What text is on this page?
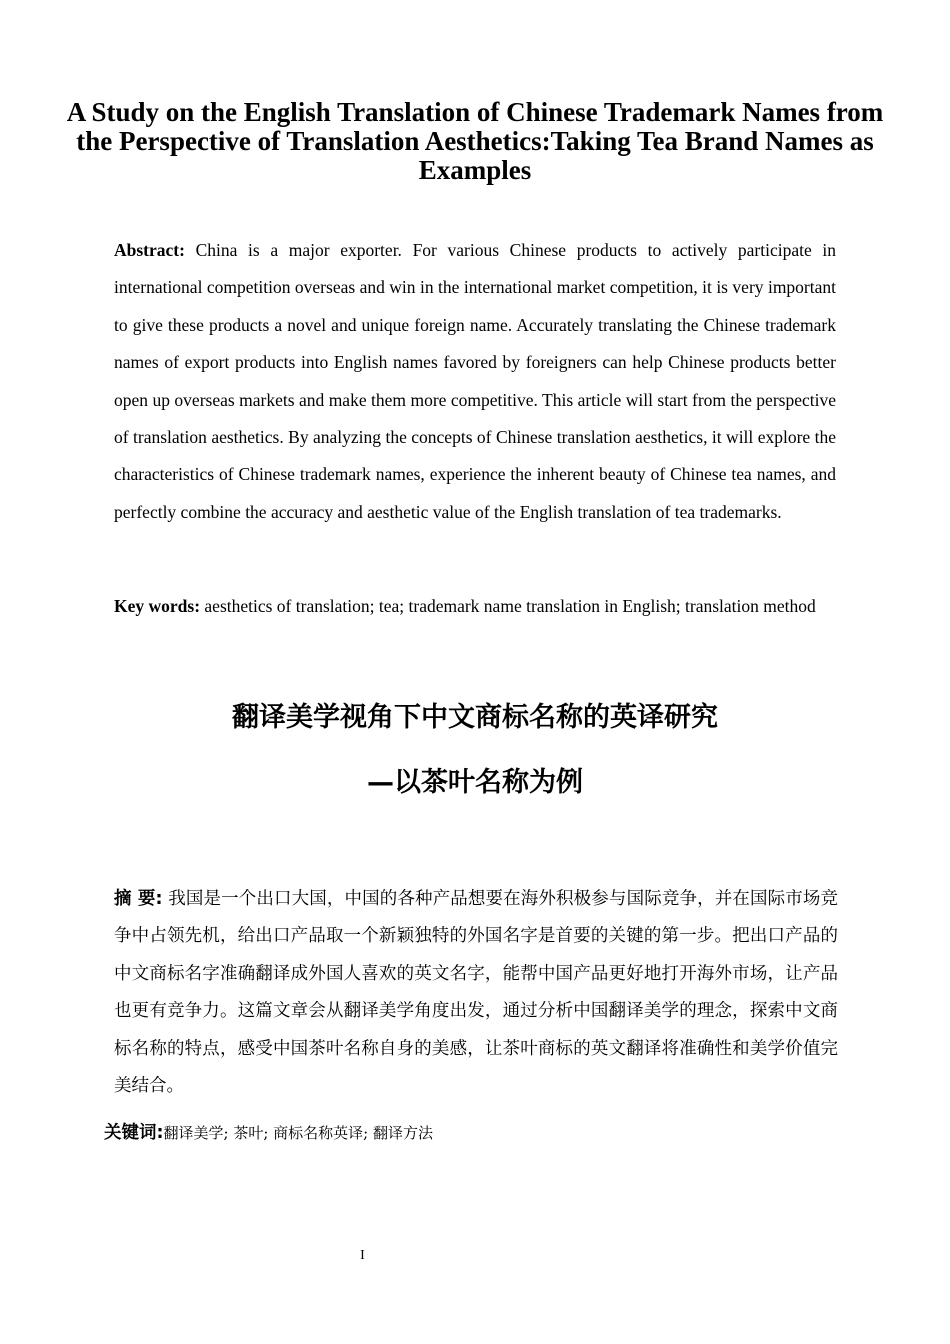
A Study on the English Translation of Chinese Trademark Names from the Perspective of Translation Aesthetics:Taking Tea Brand Names as Examples

Abstract: China is a major exporter. For various Chinese products to actively participate in international competition overseas and win in the international market competition, it is very important to give these products a novel and unique foreign name. Accurately translating the Chinese trademark names of export products into English names favored by foreigners can help Chinese products better open up overseas markets and make them more competitive. This article will start from the perspective of translation aesthetics. By analyzing the concepts of Chinese translation aesthetics, it will explore the characteristics of Chinese trademark names, experience the inherent beauty of Chinese tea names, and perfectly combine the accuracy and aesthetic value of the English translation of tea trademarks.

Key words: aesthetics of translation; tea; trademark name translation in English; translation method

翻译美学视角下中文商标名称的英译研究
—以茶叶名称为例

摘 要: 我国是一个出口大国，中国的各种产品想要在海外积极参与国际竞争，并在国际市场竞争中占领先机，给出口产品取一个新颖独特的外国名字是首要的关键的第一步。把出口产品的中文商标名字准确翻译成外国人喜欢的英文名字，能帮中国产品更好地打开海外市场，让产品也更有竞争力。这篇文章会从翻译美学角度出发，通过分析中国翻译美学的理念，探索中文商标名称的特点，感受中国茶叶名称自身的美感，让茶叶商标的英文翻译将准确性和美学价值完美结合。

关键词:翻译美学; 茶叶; 商标名称英译; 翻译方法

I
